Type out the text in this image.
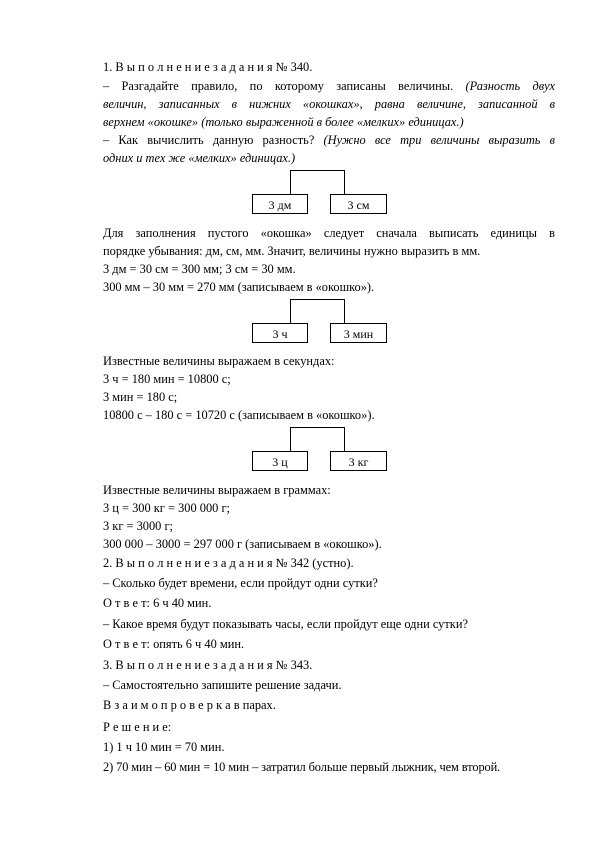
1. В ы п о л н е н и е з а д а н и я № 340.
– Разгадайте правило, по которому записаны величины. (Разность двух
величин, записанных в нижних «окошках», равна величине, записанной в
верхнем «окошке» (только выраженной в более «мелких» единицах.)
– Как вычислить данную разность? (Нужно все три величины выразить в
одних и тех же «мелких» единицах.)
3 дм	3 см
Для заполнения пустого «окошка» следует сначала выписать единицы в
порядке убывания: дм, см, мм. Значит, величины нужно выразить в мм.
3 дм = 30 см = 300 мм; 3 см = 30 мм.
300 мм – 30 мм = 270 мм (записываем в «окошко»).
3 ч	3 мин
Известные величины выражаем в секундах:
3 ч = 180 мин = 10800 с;
3 мин = 180 с;
10800 с – 180 с = 10720 с (записываем в «окошко»).
3 ц	3 кг
Известные величины выражаем в граммах:
3 ц = 300 кг = 300 000 г;
3 кг = 3000 г;
300 000 – 3000 = 297 000 г (записываем в «окошко»).
2. В ы п о л н е н и е з а д а н и я № 342 (устно).
– Сколько будет времени, если пройдут одни сутки?
О т в е т: 6 ч 40 мин.
– Какое время будут показывать часы, если пройдут еще одни сутки?
О т в е т: опять 6 ч 40 мин.
3. В ы п о л н е н и е з а д а н и я № 343.
– Самостоятельно запишите решение задачи.
В з а и м о п р о в е р к а в парах.
Р е ш е н и е:
1) 1 ч 10 мин = 70 мин.
2) 70 мин – 60 мин = 10 мин – затратил больше первый лыжник, чем второй.
